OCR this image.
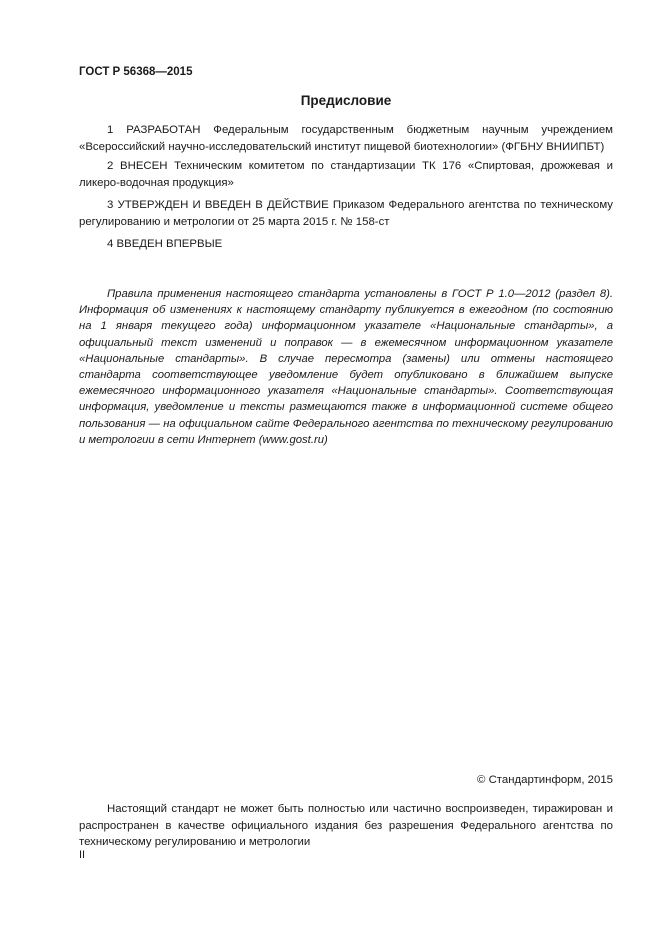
ГОСТ Р 56368—2015
Предисловие
1 РАЗРАБОТАН Федеральным государственным бюджетным научным учреждением «Всероссийский научно-исследовательский институт пищевой биотехнологии» (ФГБНУ ВНИИПБТ)
2 ВНЕСЕН Техническим комитетом по стандартизации ТК 176 «Спиртовая, дрожжевая и ликеро-водочная продукция»
3 УТВЕРЖДЕН И ВВЕДЕН В ДЕЙСТВИЕ Приказом Федерального агентства по техническому регулированию и метрологии от 25 марта 2015 г. № 158-ст
4 ВВЕДЕН ВПЕРВЫЕ
Правила применения настоящего стандарта установлены в ГОСТ Р 1.0—2012 (раздел 8). Информация об изменениях к настоящему стандарту публикуется в ежегодном (по состоянию на 1 января текущего года) информационном указателе «Национальные стандарты», а официальный текст изменений и поправок — в ежемесячном информационном указателе «Национальные стандарты». В случае пересмотра (замены) или отмены настоящего стандарта соответствующее уведомление будет опубликовано в ближайшем выпуске ежемесячного информационного указателя «Национальные стандарты». Соответствующая информация, уведомление и тексты размещаются также в информационной системе общего пользования — на официальном сайте Федерального агентства по техническому регулированию и метрологии в сети Интернет (www.gost.ru)
© Стандартинформ, 2015
Настоящий стандарт не может быть полностью или частично воспроизведен, тиражирован и распространен в качестве официального издания без разрешения Федерального агентства по техническому регулированию и метрологии
II
